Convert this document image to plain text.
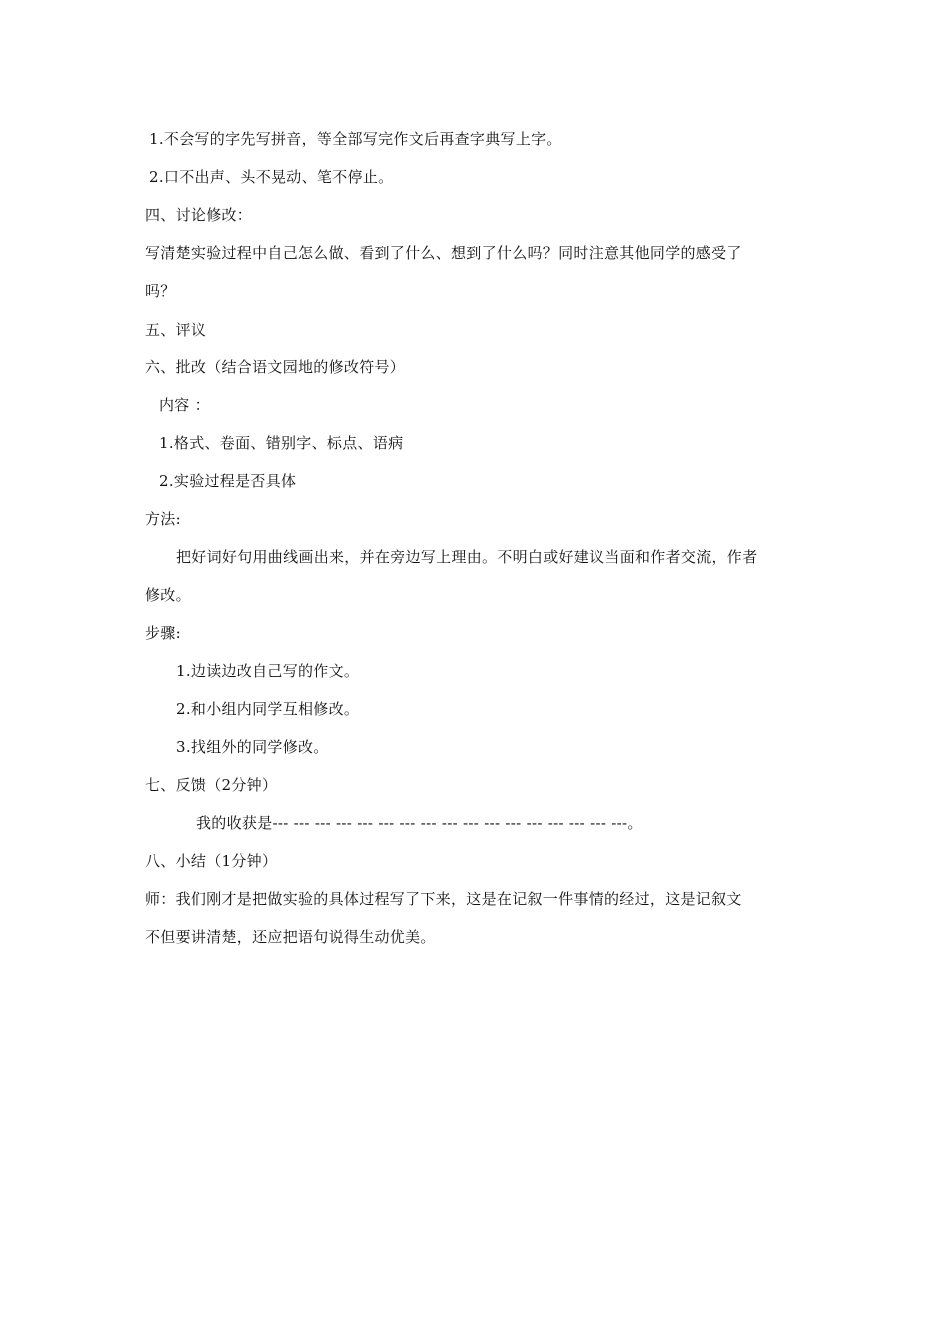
1.不会写的字先写拼音，等全部写完作文后再查字典写上字。
2.口不出声、头不晃动、笔不停止。
四、讨论修改：
写清楚实验过程中自己怎么做、看到了什么、想到了什么吗？同时注意其他同学的感受了
吗？
五、评议
六、批改（结合语文园地的修改符号）
内容 ：
1.格式、卷面、错别字、标点、语病
2.实验过程是否具体
方法:
把好词好句用曲线画出来，并在旁边写上理由。不明白或好建议当面和作者交流，作者
修改。
步骤:
1.边读边改自己写的作文。
2.和小组内同学互相修改。
3.找组外的同学修改。
七、反馈（2分钟）
我的收获是--- --- --- --- --- --- --- --- --- --- --- --- --- --- --- --- ---。
八、小结（1分钟）
师：我们刚才是把做实验的具体过程写了下来，这是在记叙一件事情的经过，这是记叙文
不但要讲清楚，还应把语句说得生动优美。
